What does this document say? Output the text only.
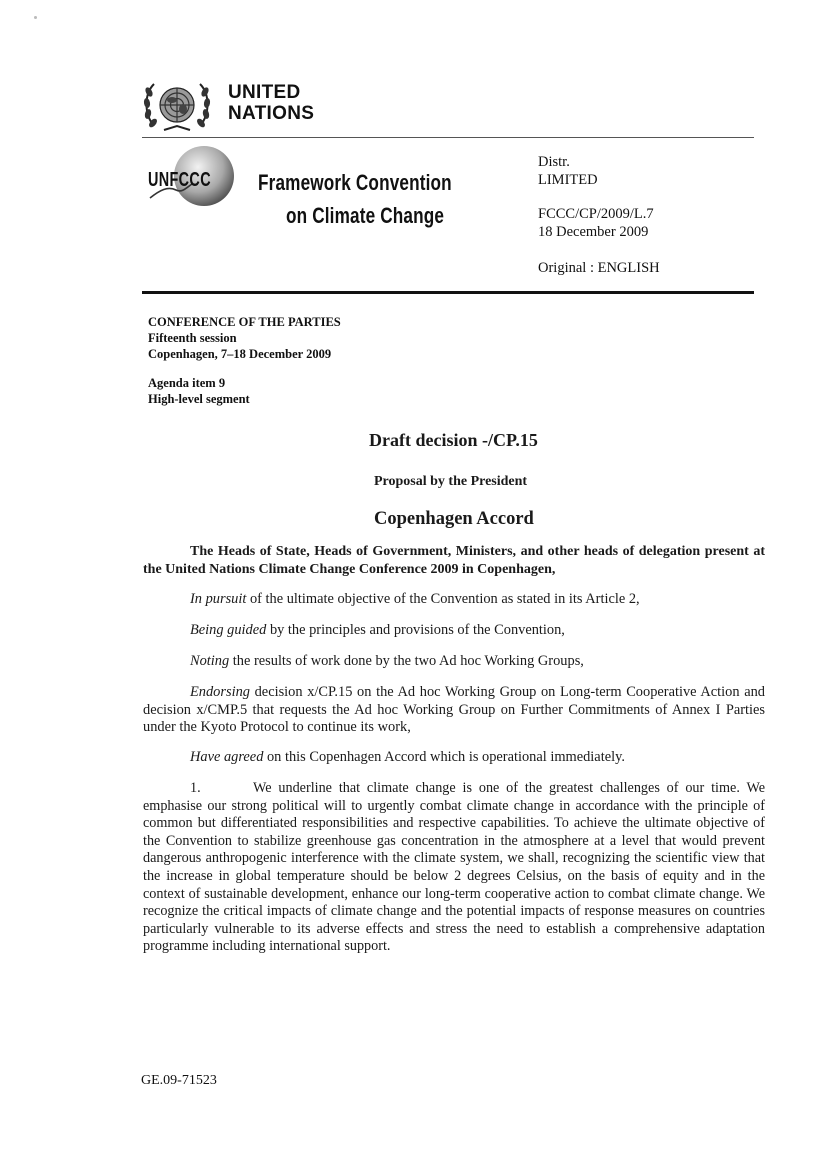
UNITED
NATIONS
UNFCCC Framework Convention
on Climate Change
Distr.
LIMITED
FCCC/CP/2009/L.7
18 December 2009
Original : ENGLISH
CONFERENCE OF THE PARTIES
Fifteenth session
Copenhagen, 7–18 December 2009
Agenda item 9
High-level segment
Draft decision -/CP.15
Proposal by the President
Copenhagen Accord

The Heads of State, Heads of Government, Ministers, and other heads of delegation present at the United Nations Climate Change Conference 2009 in Copenhagen,

In pursuit of the ultimate objective of the Convention as stated in its Article 2,

Being guided by the principles and provisions of the Convention,

Noting the results of work done by the two Ad hoc Working Groups,

Endorsing decision x/CP.15 on the Ad hoc Working Group on Long-term Cooperative Action and decision x/CMP.5 that requests the Ad hoc Working Group on Further Commitments of Annex I Parties under the Kyoto Protocol to continue its work,

Have agreed on this Copenhagen Accord which is operational immediately.

1.	We underline that climate change is one of the greatest challenges of our time. We emphasise our strong political will to urgently combat climate change in accordance with the principle of common but differentiated responsibilities and respective capabilities. To achieve the ultimate objective of the Convention to stabilize greenhouse gas concentration in the atmosphere at a level that would prevent dangerous anthropogenic interference with the climate system, we shall, recognizing the scientific view that the increase in global temperature should be below 2 degrees Celsius, on the basis of equity and in the context of sustainable development, enhance our long-term cooperative action to combat climate change. We recognize the critical impacts of climate change and the potential impacts of response measures on countries particularly vulnerable to its adverse effects and stress the need to establish a comprehensive adaptation programme including international support.

GE.09-71523
